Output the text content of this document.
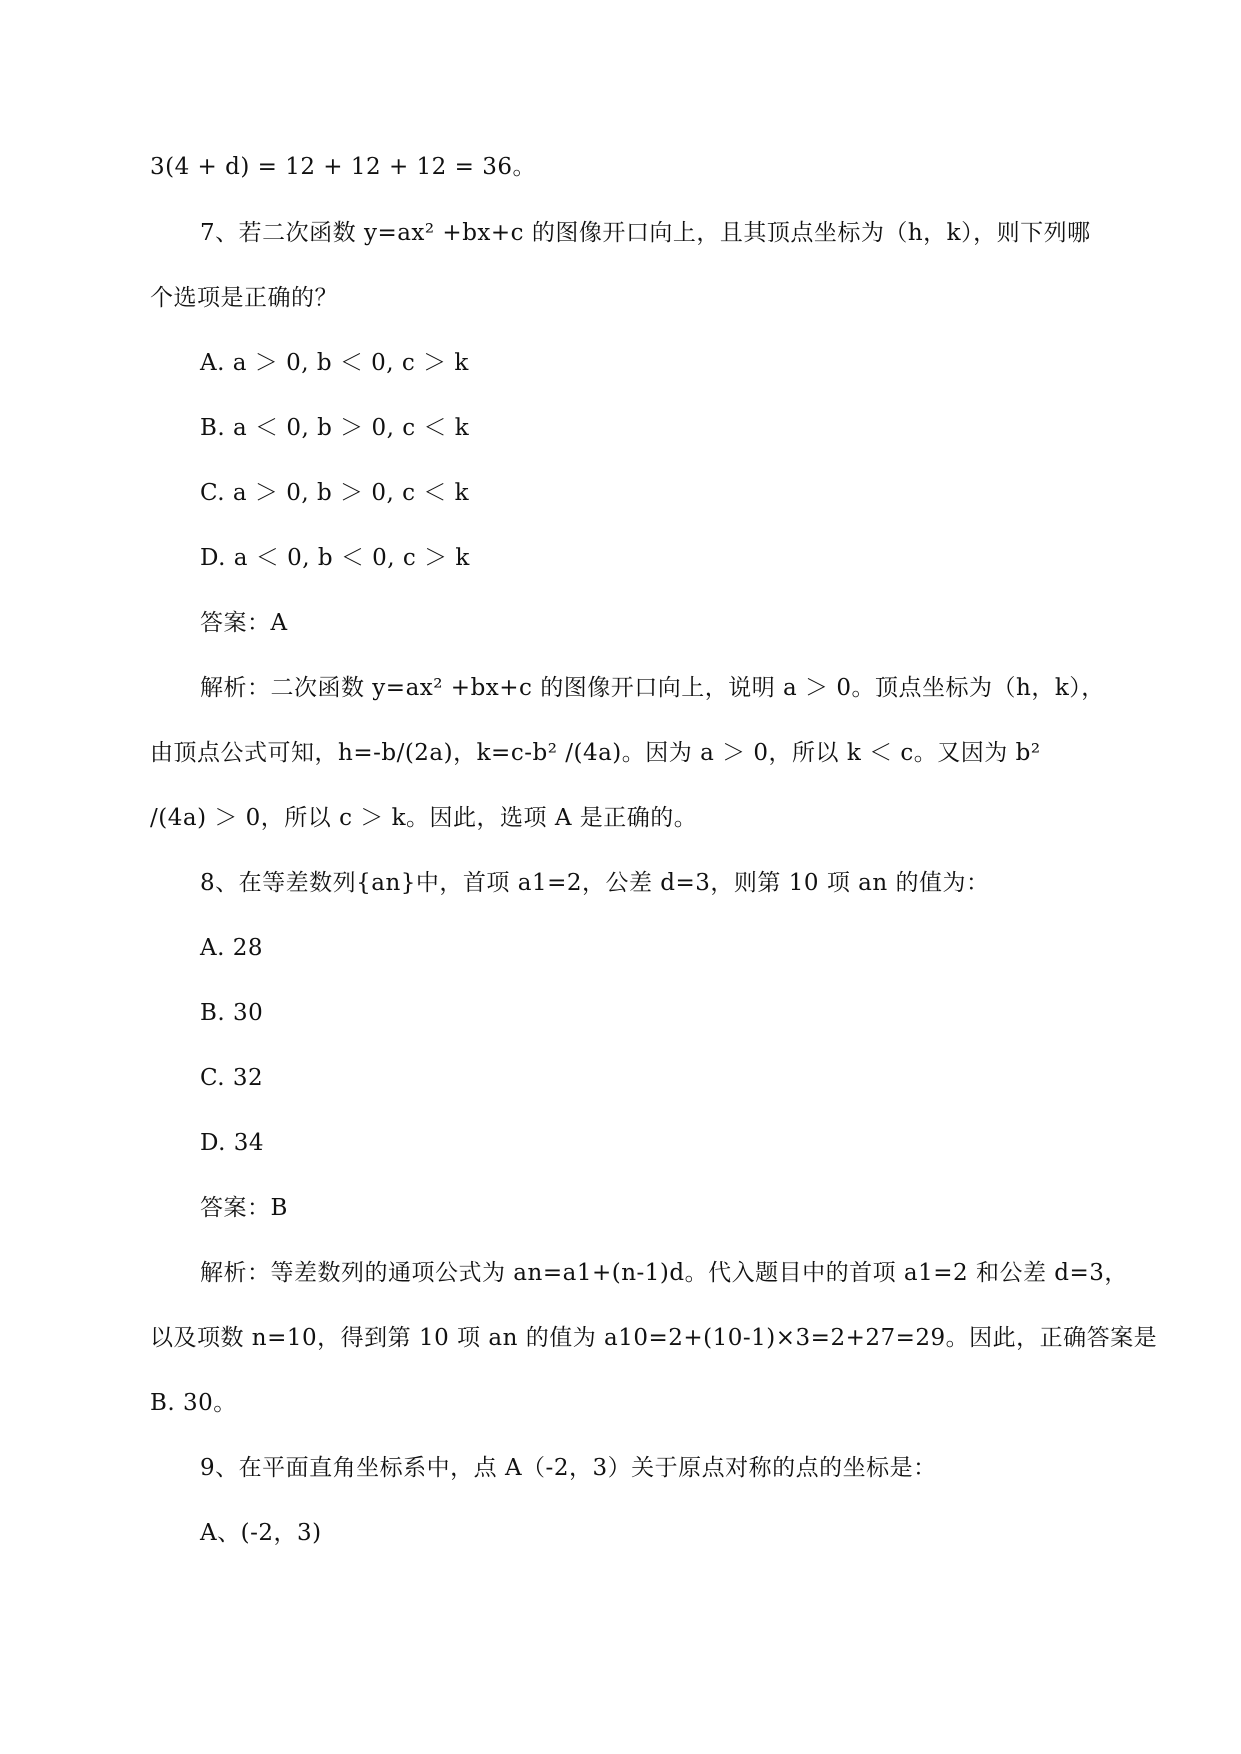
3(4 + d) = 12 + 12 + 12 = 36。
7、若二次函数 y=ax² +bx+c 的图像开口向上，且其顶点坐标为（h，k），则下列哪
个选项是正确的？
A. a ＞ 0, b ＜ 0, c ＞ k
B. a ＜ 0, b ＞ 0, c ＜ k
C. a ＞ 0, b ＞ 0, c ＜ k
D. a ＜ 0, b ＜ 0, c ＞ k
答案：A
解析：二次函数 y=ax² +bx+c 的图像开口向上，说明 a ＞ 0。顶点坐标为（h，k），
由顶点公式可知，h=-b/(2a)，k=c-b² /(4a)。因为 a ＞ 0，所以 k ＜ c。又因为 b²
/(4a) ＞ 0，所以 c ＞ k。因此，选项 A 是正确的。
8、在等差数列{an}中，首项 a1=2，公差 d=3，则第 10 项 an 的值为：
A. 28
B. 30
C. 32
D. 34
答案：B
解析：等差数列的通项公式为 an=a1+(n-1)d。代入题目中的首项 a1=2 和公差 d=3，
以及项数 n=10，得到第 10 项 an 的值为 a10=2+(10-1)×3=2+27=29。因此，正确答案是
B. 30。
9、在平面直角坐标系中，点 A（-2，3）关于原点对称的点的坐标是：
A、(-2，3)
